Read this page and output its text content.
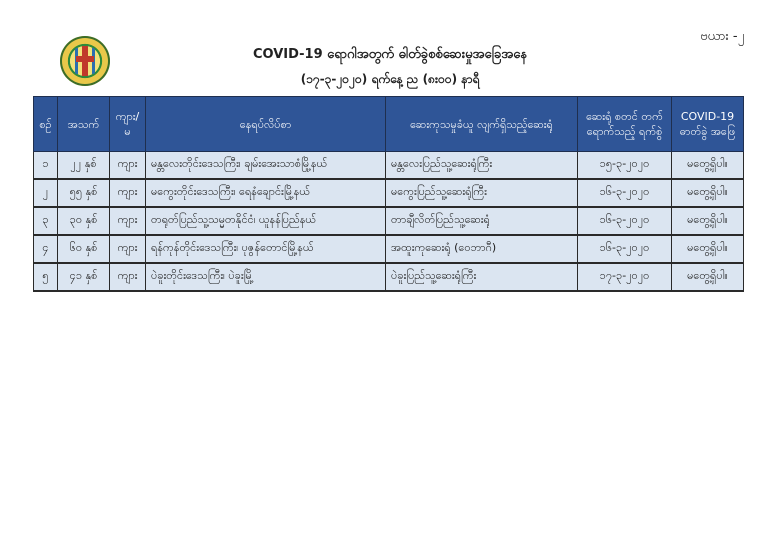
ဗယား -၂
COVID-19 ရောဂါအတွက် ဓါတ်ခွဲစစ်ဆေးမှုအခြေအနေ
(၁၇-၃-၂၀၂၀) ရက်နေ့ ည (၈း၀၀) နာရီ
စဉ်	အသက်	ကျား/မ	နေရပ်လိပ်စာ	ဆေးကုသမှုခံယူ လျက်ရှိသည့်ဆေးရုံ	ဆေးရုံ စတင် တက်ရောက်သည့် ရက်စွဲ	COVID-19 ဓာတ်ခွဲ အဖြေ
၁	၂၂ နှစ်	ကျား	မန္တလေးတိုင်းဒေသကြီး၊ ချမ်းအေးသာစံမြို့နယ်	မန္တလေးပြည်သူ့ဆေးရုံကြီး	၁၅-၃-၂၀၂၀	မတွေ့ရှိပါ။
၂	၅၅ နှစ်	ကျား	မကွေးတိုင်းဒေသကြီး၊ ရေနံချောင်းမြို့နယ်	မကွေးပြည်သူ့ဆေးရုံကြီး	၁၆-၃-၂၀၂၀	မတွေ့ရှိပါ။
၃	၃၀ နှစ်	ကျား	တရုတ်ပြည်သူ့သမ္မတနိုင်ငံ၊ ယူနန်ပြည်နယ်	တာချီလိတ်ပြည်သူ့ဆေးရုံ	၁၆-၃-၂၀၂၀	မတွေ့ရှိပါ။
၄	၆၀ နှစ်	ကျား	ရန်ကုန်တိုင်းဒေသကြီး၊ ပုဇွန်တောင်မြို့နယ်	အထူးကုဆေးရုံ (ဝေဘာဂီ)	၁၆-၃-၂၀၂၀	မတွေ့ရှိပါ။
၅	၄၁ နှစ်	ကျား	ပဲခူးတိုင်းဒေသကြီး၊ ပဲခူးမြို့	ပဲခူးပြည်သူ့ဆေးရုံကြီး	၁၇-၃-၂၀၂၀	မတွေ့ရှိပါ။
